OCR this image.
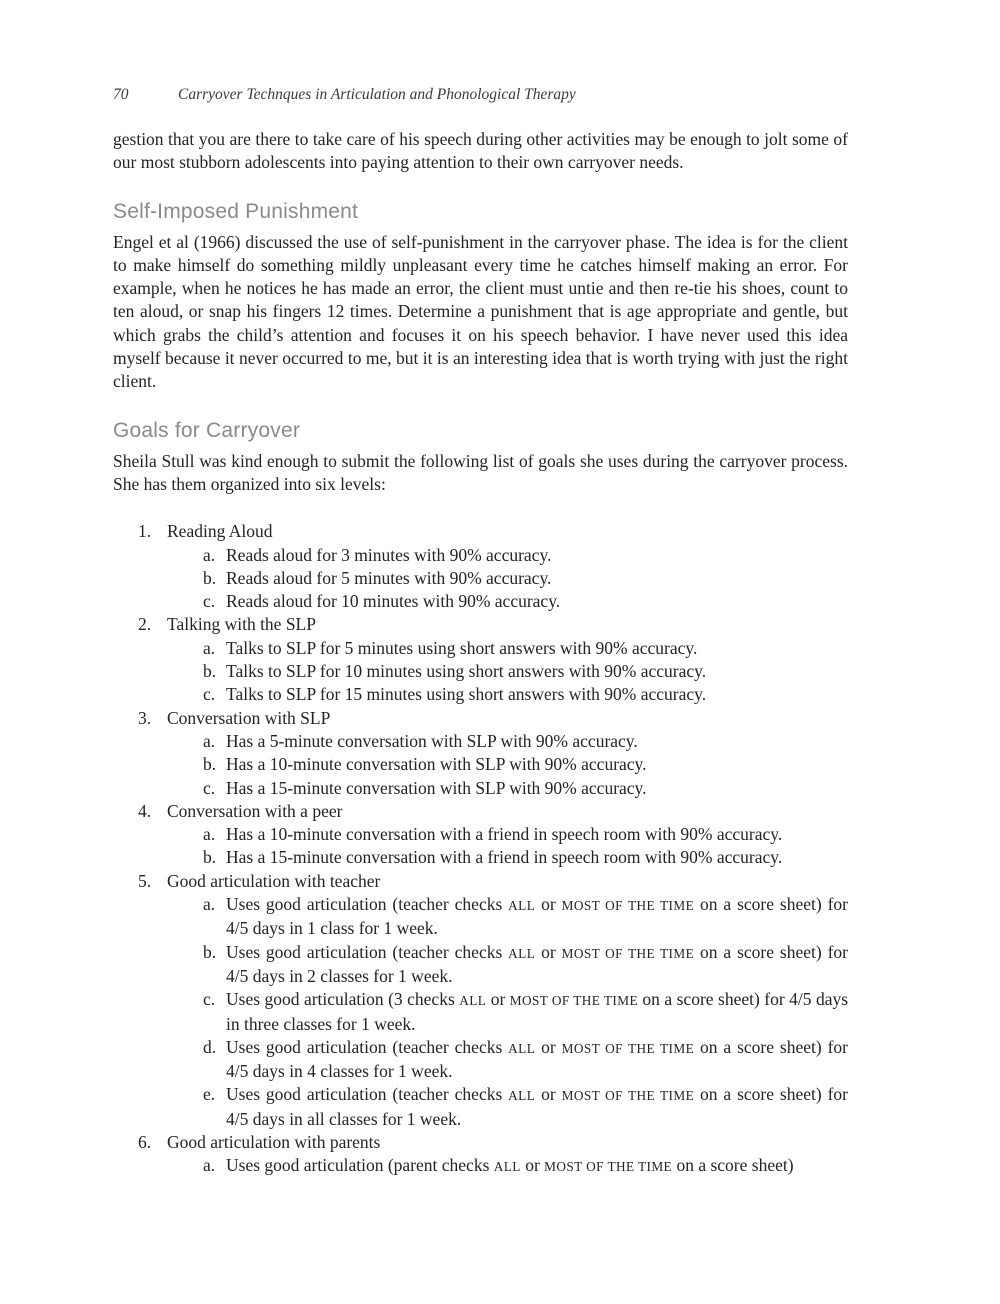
70	Carryover Technques in Articulation and Phonological Therapy

gestion that you are there to take care of his speech during other activities may be enough to jolt some of our most stubborn adolescents into paying attention to their own carryover needs.

Self-Imposed Punishment

Engel et al (1966) discussed the use of self-punishment in the carryover phase. The idea is for the client to make himself do something mildly unpleasant every time he catches himself making an error. For example, when he notices he has made an error, the client must untie and then re-tie his shoes, count to ten aloud, or snap his fingers 12 times. Determine a punishment that is age appropriate and gentle, but which grabs the child’s attention and focuses it on his speech behavior. I have never used this idea myself because it never occurred to me, but it is an interesting idea that is worth trying with just the right client.

Goals for Carryover

Sheila Stull was kind enough to submit the following list of goals she uses during the carryover process. She has them organized into six levels:

1. Reading Aloud
a. Reads aloud for 3 minutes with 90% accuracy.
b. Reads aloud for 5 minutes with 90% accuracy.
c. Reads aloud for 10 minutes with 90% accuracy.
2. Talking with the SLP
a. Talks to SLP for 5 minutes using short answers with 90% accuracy.
b. Talks to SLP for 10 minutes using short answers with 90% accuracy.
c. Talks to SLP for 15 minutes using short answers with 90% accuracy.
3. Conversation with SLP
a. Has a 5-minute conversation with SLP with 90% accuracy.
b. Has a 10-minute conversation with SLP with 90% accuracy.
c. Has a 15-minute conversation with SLP with 90% accuracy.
4. Conversation with a peer
a. Has a 10-minute conversation with a friend in speech room with 90% accuracy.
b. Has a 15-minute conversation with a friend in speech room with 90% accuracy.
5. Good articulation with teacher
a. Uses good articulation (teacher checks ALL or MOST OF THE TIME on a score sheet) for 4/5 days in 1 class for 1 week.
b. Uses good articulation (teacher checks ALL or MOST OF THE TIME on a score sheet) for 4/5 days in 2 classes for 1 week.
c. Uses good articulation (3 checks ALL or MOST OF THE TIME on a score sheet) for 4/5 days in three classes for 1 week.
d. Uses good articulation (teacher checks ALL or MOST OF THE TIME on a score sheet) for 4/5 days in 4 classes for 1 week.
e. Uses good articulation (teacher checks ALL or MOST OF THE TIME on a score sheet) for 4/5 days in all classes for 1 week.
6. Good articulation with parents
a. Uses good articulation (parent checks ALL or MOST OF THE TIME on a score sheet)
